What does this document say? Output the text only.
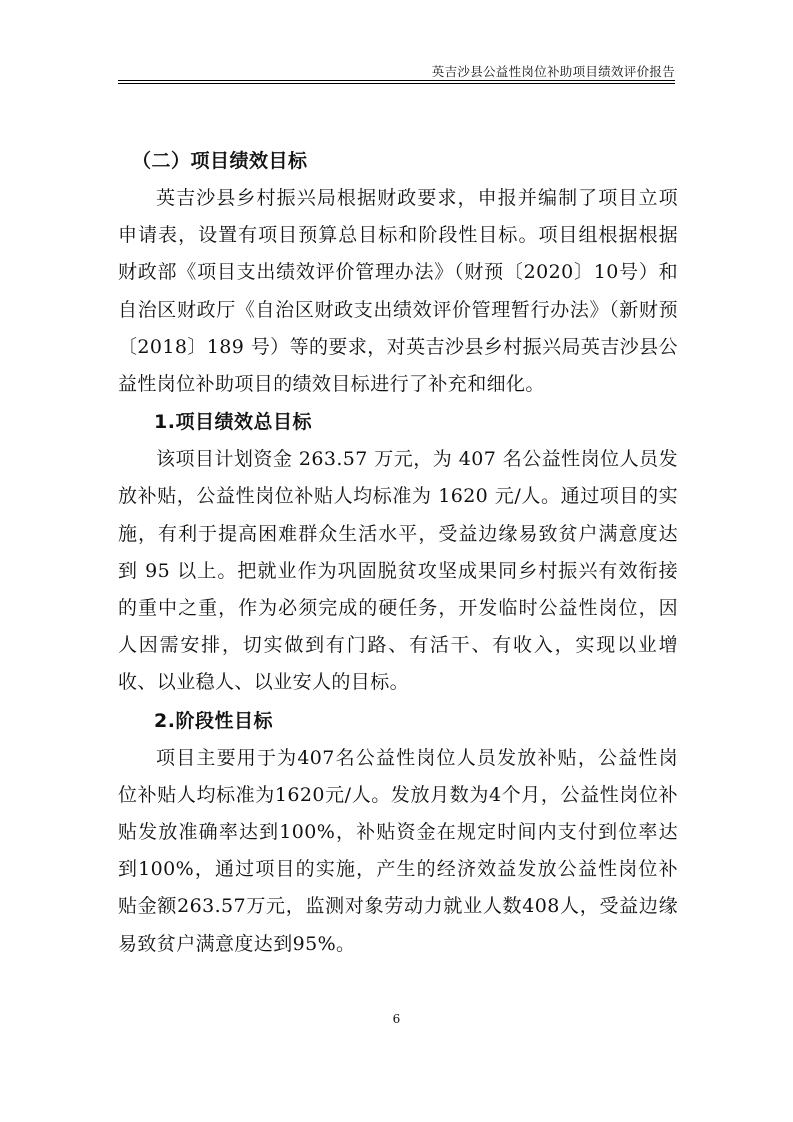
英吉沙县公益性岗位补助项目绩效评价报告

（二）项目绩效目标

英吉沙县乡村振兴局根据财政要求，申报并编制了项目立项申请表，设置有项目预算总目标和阶段性目标。项目组根据根据财政部《项目支出绩效评价管理办法》（财预〔2020〕10号）和自治区财政厅《自治区财政支出绩效评价管理暂行办法》（新财预〔2018〕189 号）等的要求，对英吉沙县乡村振兴局英吉沙县公益性岗位补助项目的绩效目标进行了补充和细化。

1.项目绩效总目标

该项目计划资金 263.57 万元，为 407 名公益性岗位人员发放补贴，公益性岗位补贴人均标准为 1620 元/人。通过项目的实施，有利于提高困难群众生活水平，受益边缘易致贫户满意度达到 95 以上。把就业作为巩固脱贫攻坚成果同乡村振兴有效衔接的重中之重，作为必须完成的硬任务，开发临时公益性岗位，因人因需安排，切实做到有门路、有活干、有收入，实现以业增收、以业稳人、以业安人的目标。

2.阶段性目标

项目主要用于为407名公益性岗位人员发放补贴，公益性岗位补贴人均标准为1620元/人。发放月数为4个月，公益性岗位补贴发放准确率达到100%，补贴资金在规定时间内支付到位率达到100%，通过项目的实施，产生的经济效益发放公益性岗位补贴金额263.57万元，监测对象劳动力就业人数408人，受益边缘易致贫户满意度达到95%。

6
